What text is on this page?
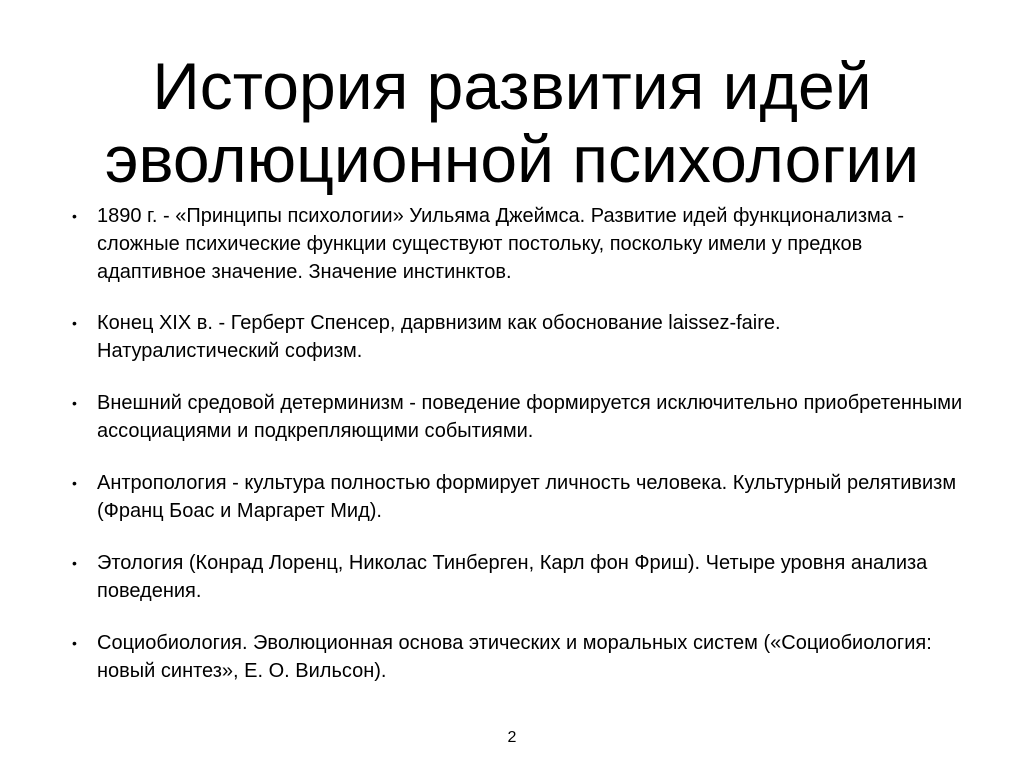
История развития идей
эволюционной психологии
•	1890 г. - «Принципы психологии» Уильяма Джеймса. Развитие идей функционализма - сложные психические функции существуют постольку, поскольку имели у предков адаптивное значение. Значение инстинктов.
•	Конец XIX в. - Герберт Спенсер, дарвнизим как обоснование laissez-faire. Натуралистический софизм.
•	Внешний средовой детерминизм - поведение формируется исключительно приобретенными ассоциациями и подкрепляющими событиями.
•	Антропология - культура полностью формирует личность человека. Культурный релятивизм (Франц Боас и Маргарет Мид).
•	Этология (Конрад Лоренц, Николас Тинберген, Карл фон Фриш). Четыре уровня анализа поведения.
•	Социобиология. Эволюционная основа этических и моральных систем («Социобиология: новый синтез», Е. О. Вильсон).
2
